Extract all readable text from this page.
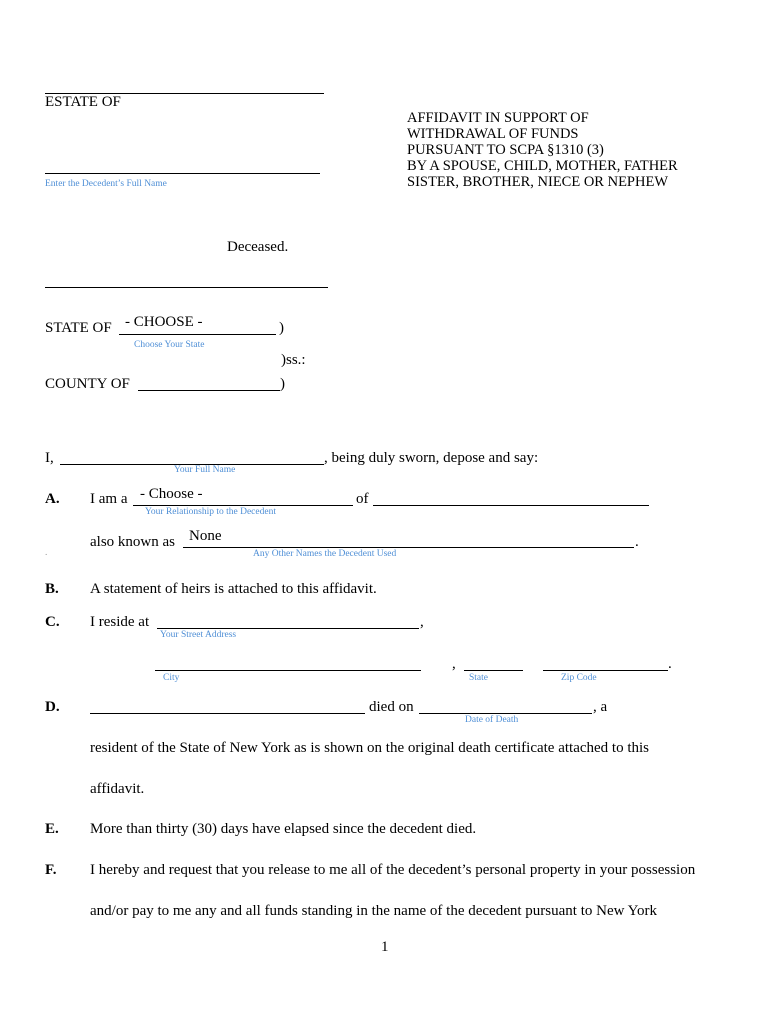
ESTATE OF
Enter the Decedent’s Full Name
Deceased.
AFFIDAVIT IN SUPPORT OF
WITHDRAWAL OF FUNDS
PURSUANT TO SCPA §1310 (3)
BY A SPOUSE, CHILD, MOTHER, FATHER
SISTER, BROTHER, NIECE OR NEPHEW
STATE OF - CHOOSE -	)
Choose Your State
)ss.:
COUNTY OF	)
I,
Your Full Name
, being duly sworn, depose and say:
A. I am a - Choose -
Your Relationship to the Decedent
of
also known as None	.
Any Other Names the Decedent Used
.
B. A statement of heirs is attached to this affidavit.
C. I reside at	,
Your Street Address
City
,
State
.
Zip Code
D.	died on	, a
Date of Death
resident of the State of New York as is shown on the original death certificate attached to this
affidavit.
E. More than thirty (30) days have elapsed since the decedent died.
F. I hereby and request that you release to me all of the decedent’s personal property in your possession
and/or pay to me any and all funds standing in the name of the decedent pursuant to New York
1
